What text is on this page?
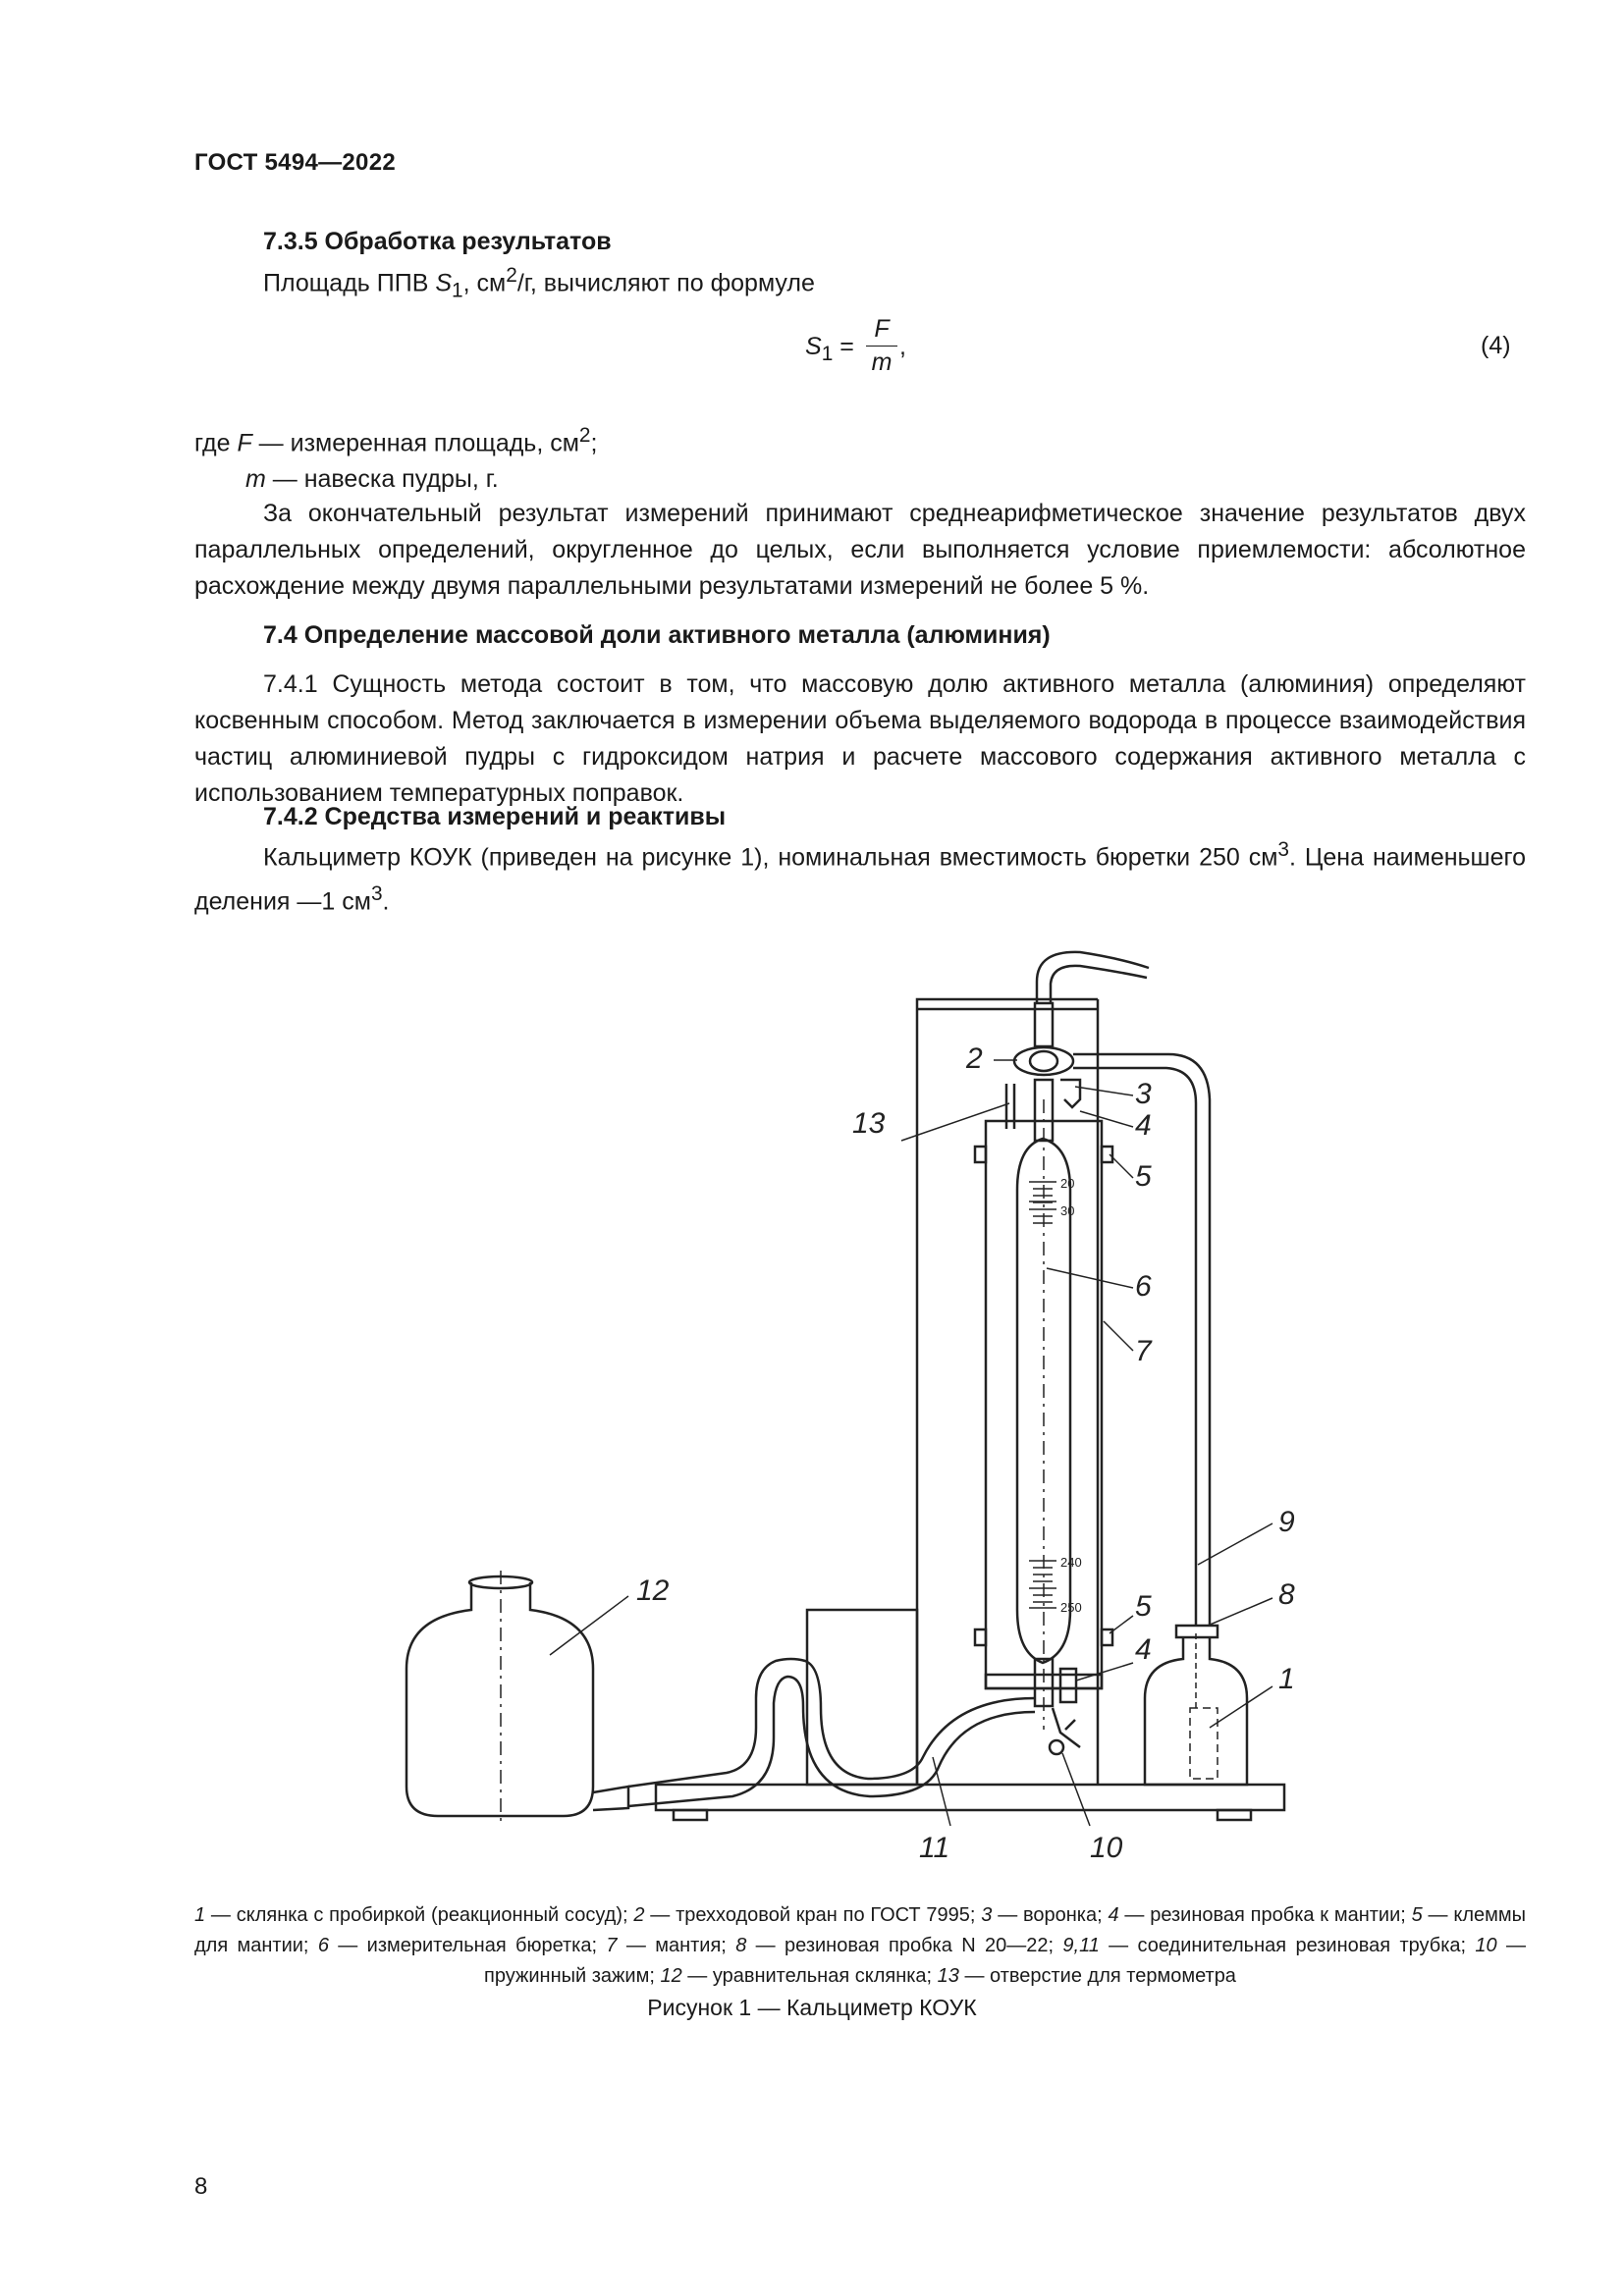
ГОСТ 5494—2022
7.3.5 Обработка результатов
Площадь ППВ $S_1$, $см^2/г$, вычисляют по формуле
$S_1$ =
F
m
,	(4)
где F — измеренная площадь, $см^2$;
m — навеска пудры, г.
За окончательный результат измерений принимают среднеарифметическое значение результатов двух параллельных определений, округленное до целых, если выполняется условие приемлемости: абсолютное расхождение между двумя параллельными результатами измерений не более 5 %.
7.4 Определение массовой доли активного металла (алюминия)
7.4.1 Сущность метода состоит в том, что массовую долю активного металла (алюминия) определяют косвенным способом. Метод заключается в измерении объема выделяемого водорода в процессе взаимодействия частиц алюминиевой пудры с гидроксидом натрия и расчете массового содержания активного металла с использованием температурных поправок.
7.4.2 Средства измерений и реактивы
Кальциметр КОУК (приведен на рисунке 1), номинальная вместимость бюретки 250 $см^3$. Цена наименьшего деления —1 $см^3$.
20
30
240
250
1
2
3
4
5
6
7
8
9
10
11
12
13
4
5
1 — склянка с пробиркой (реакционный сосуд); 2 — трехходовой кран по ГОСТ 7995; 3 — воронка; 4 — резиновая пробка к мантии; 5 — клеммы для мантии; 6 — измерительная бюретка; 7 — мантия; 8 — резиновая пробка N 20—22; 9,11 — соединительная резиновая трубка; 10 — пружинный зажим; 12 — уравнительная склянка; 13 — отверстие для термометра
Рисунок 1 — Кальциметр КОУК
8
